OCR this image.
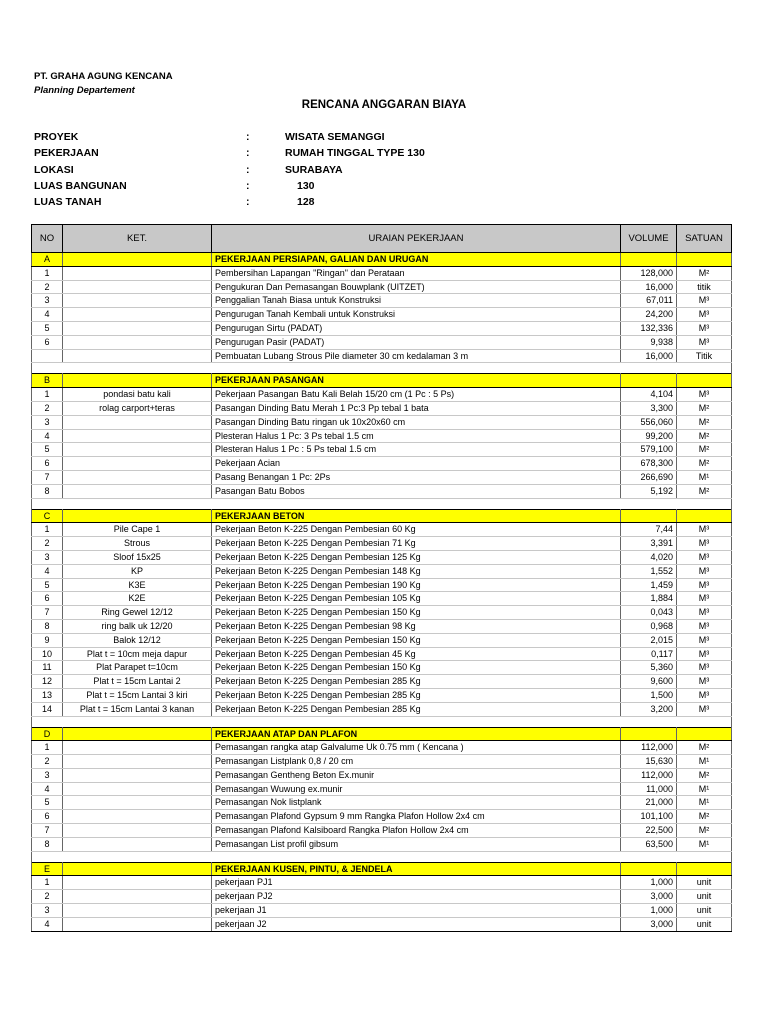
PT. GRAHA AGUNG KENCANA
Planning Departement
RENCANA ANGGARAN BIAYA
PROYEK	:	WISATA SEMANGGI
PEKERJAAN	:	RUMAH TINGGAL TYPE 130
LOKASI	:	SURABAYA
LUAS BANGUNAN	:	130
LUAS TANAH	:	128
NO	KET.	URAIAN PEKERJAAN	VOLUME	SATUAN
A		PEKERJAAN PERSIAPAN, GALIAN DAN URUGAN		
1		Pembersihan Lapangan "Ringan" dan Perataan	128,000	M²
2		Pengukuran Dan Pemasangan Bouwplank (UITZET)	16,000	titik
3		Penggalian Tanah Biasa untuk Konstruksi	67,011	M³
4		Pengurugan Tanah Kembali untuk Konstruksi	24,200	M³
5		Pengurugan Sirtu (PADAT)	132,336	M³
6		Pengurugan Pasir (PADAT)	9,938	M³
		Pembuatan Lubang Strous Pile diameter 30 cm kedalaman 3 m	16,000	Titik

B		PEKERJAAN PASANGAN		
1	pondasi batu kali	Pekerjaan Pasangan Batu Kali Belah 15/20 cm (1 Pc : 5 Ps)	4,104	M³
2	rolag carport+teras	Pasangan Dinding Batu Merah 1 Pc:3 Pp tebal 1 bata	3,300	M²
3		Pasangan Dinding Batu ringan uk 10x20x60 cm	556,060	M²
4		Plesteran Halus 1 Pc: 3 Ps tebal 1.5 cm	99,200	M²
5		Plesteran Halus 1 Pc : 5 Ps tebal 1.5 cm	579,100	M²
6		Pekerjaan Acian	678,300	M²
7		Pasang Benangan 1 Pc: 2Ps	266,690	M¹
8		Pasangan Batu Bobos	5,192	M²

C		PEKERJAAN BETON		
1	Pile Cape 1	Pekerjaan Beton K-225 Dengan Pembesian 60 Kg	7,44	M³
2	Strous	Pekerjaan Beton K-225 Dengan Pembesian 71 Kg	3,391	M³
3	Sloof 15x25	Pekerjaan Beton K-225 Dengan Pembesian 125 Kg	4,020	M³
4	KP	Pekerjaan Beton K-225 Dengan Pembesian 148 Kg	1,552	M³
5	K3E	Pekerjaan Beton K-225 Dengan Pembesian 190 Kg	1,459	M³
6	K2E	Pekerjaan Beton K-225 Dengan Pembesian 105 Kg	1,884	M³
7	Ring Gewel 12/12	Pekerjaan Beton K-225 Dengan Pembesian 150 Kg	0,043	M³
8	ring balk uk 12/20	Pekerjaan Beton K-225 Dengan Pembesian 98 Kg	0,968	M³
9	Balok 12/12	Pekerjaan Beton K-225 Dengan Pembesian 150 Kg	2,015	M³
10	Plat t = 10cm meja dapur	Pekerjaan Beton K-225 Dengan Pembesian 45 Kg	0,117	M³
11	Plat Parapet t=10cm	Pekerjaan Beton K-225 Dengan Pembesian 150 Kg	5,360	M³
12	Plat t = 15cm Lantai 2	Pekerjaan Beton K-225 Dengan Pembesian 285 Kg	9,600	M³
13	Plat t = 15cm Lantai 3 kiri	Pekerjaan Beton K-225 Dengan Pembesian 285 Kg	1,500	M³
14	Plat t = 15cm Lantai 3 kanan	Pekerjaan Beton K-225 Dengan Pembesian 285 Kg	3,200	M³

D		PEKERJAAN ATAP DAN PLAFON		
1		Pemasangan rangka atap Galvalume Uk 0.75 mm ( Kencana )	112,000	M²
2		Pemasangan Listplank 0,8 / 20 cm	15,630	M¹
3		Pemasangan Gentheng Beton Ex.munir	112,000	M²
4		Pemasangan Wuwung ex.munir	11,000	M¹
5		Pemasangan Nok listplank	21,000	M¹
6		Pemasangan Plafond Gypsum 9 mm Rangka Plafon Hollow 2x4 cm	101,100	M²
7		Pemasangan Plafond Kalsiboard Rangka Plafon Hollow 2x4 cm	22,500	M²
8		Pemasangan List profil gibsum	63,500	M¹

E		PEKERJAAN KUSEN, PINTU, & JENDELA		
1		pekerjaan PJ1	1,000	unit
2		pekerjaan PJ2	3,000	unit
3		pekerjaan J1	1,000	unit
4		pekerjaan J2	3,000	unit
